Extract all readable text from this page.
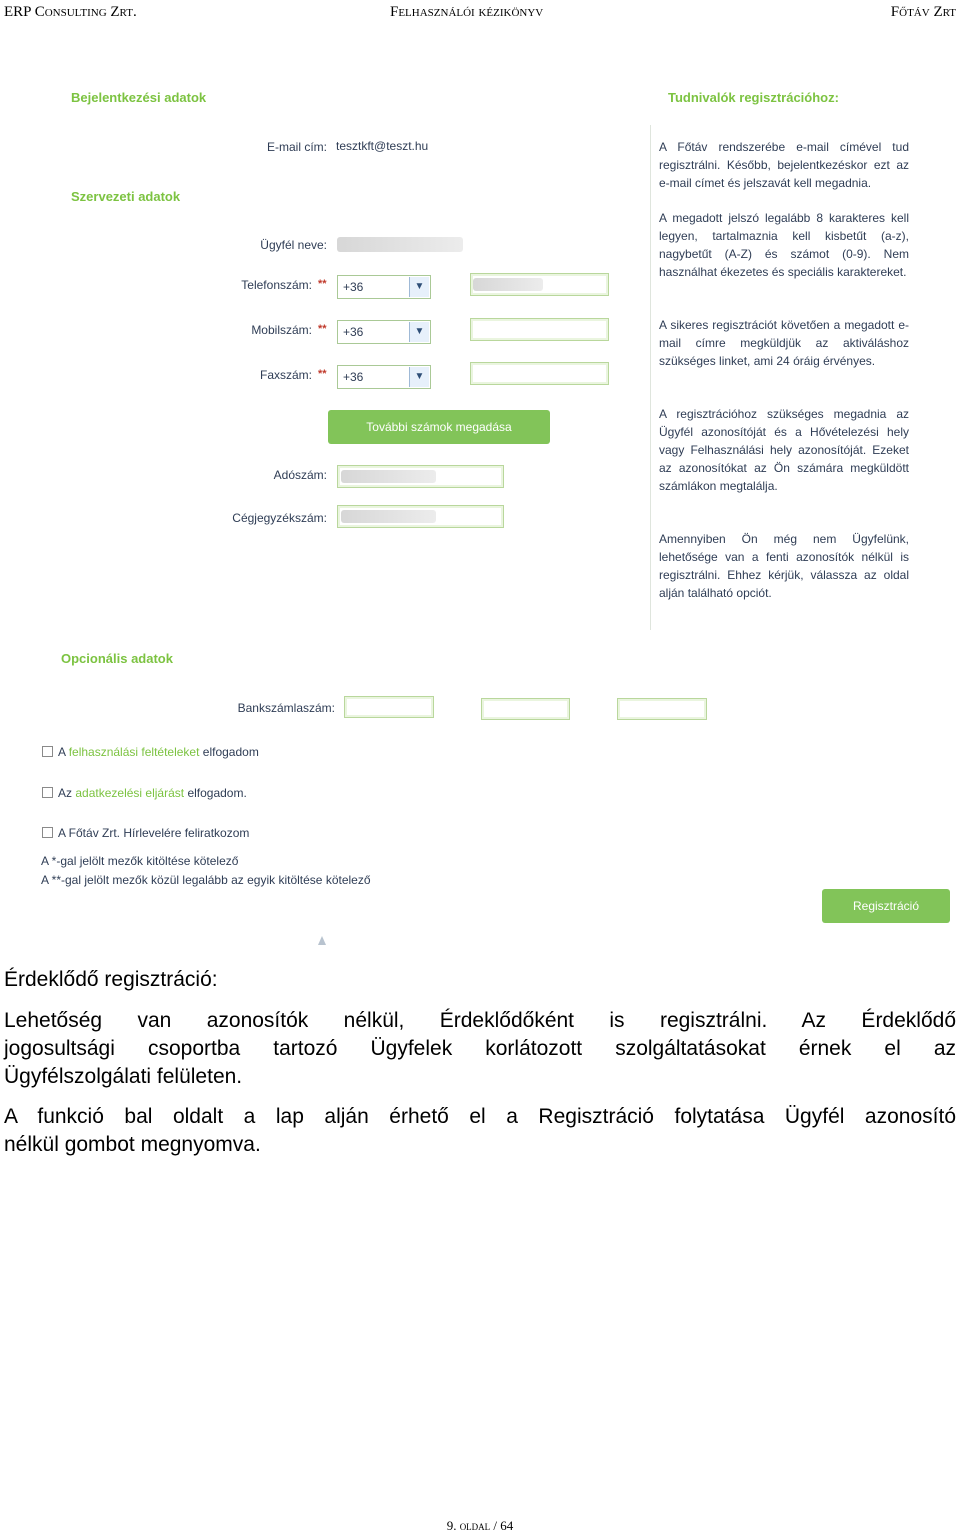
ERP Consulting Zrt.	Felhasználói kézikönyv	Főtáv Zrt
Bejelentkezési adatok
E-mail cím: tesztkft@teszt.hu
Szervezeti adatok
Ügyfél neve:
Telefonszám: **	+36	▼
Mobilszám: **	+36	▼
Faxszám: **	+36	▼
További számok megadása
Adószám:
Cégjegyzékszám:
Tudnivalók regisztrációhoz:
A Főtáv rendszerébe e-mail címével tud regisztrálni. Később, bejelentkezéskor ezt az e-mail címet és jelszavát kell megadnia.
A megadott jelszó legalább 8 karakteres kell legyen, tartalmaznia kell kisbetűt (a-z), nagybetűt (A-Z) és számot (0-9). Nem használhat ékezetes és speciális karaktereket.
A sikeres regisztrációt követően a megadott e-mail címre megküldjük az aktiváláshoz szükséges linket, ami 24 óráig érvényes.
A regisztrációhoz szükséges megadnia az Ügyfél azonosítóját és a Hővételezési hely vagy Felhasználási hely azonosítóját. Ezeket az azonosítókat az Ön számára megküldött számlákon megtalálja.
Amennyiben Ön még nem Ügyfelünk, lehetősége van a fenti azonosítók nélkül is regisztrálni. Ehhez kérjük, válassza az oldal alján található opciót.
Opcionális adatok
Bankszámlaszám:
A felhasználási feltételeket elfogadom
Az adatkezelési eljárást elfogadom.
A Főtáv Zrt. Hírlevelére feliratkozom
A *-gal jelölt mezők kitöltése kötelező
A **-gal jelölt mezők közül legalább az egyik kitöltése kötelező
Regisztráció
Érdeklődő regisztráció:
Lehetőség van azonosítók nélkül, Érdeklődőként is regisztrálni. Az Érdeklődő
jogosultsági csoportba tartozó Ügyfelek korlátozott szolgáltatásokat érnek el az
Ügyfélszolgálati felületen.
A funkció bal oldalt a lap alján érhető el a Regisztráció folytatása Ügyfél azonosító
nélkül gombot megnyomva.
9. oldal / 64
